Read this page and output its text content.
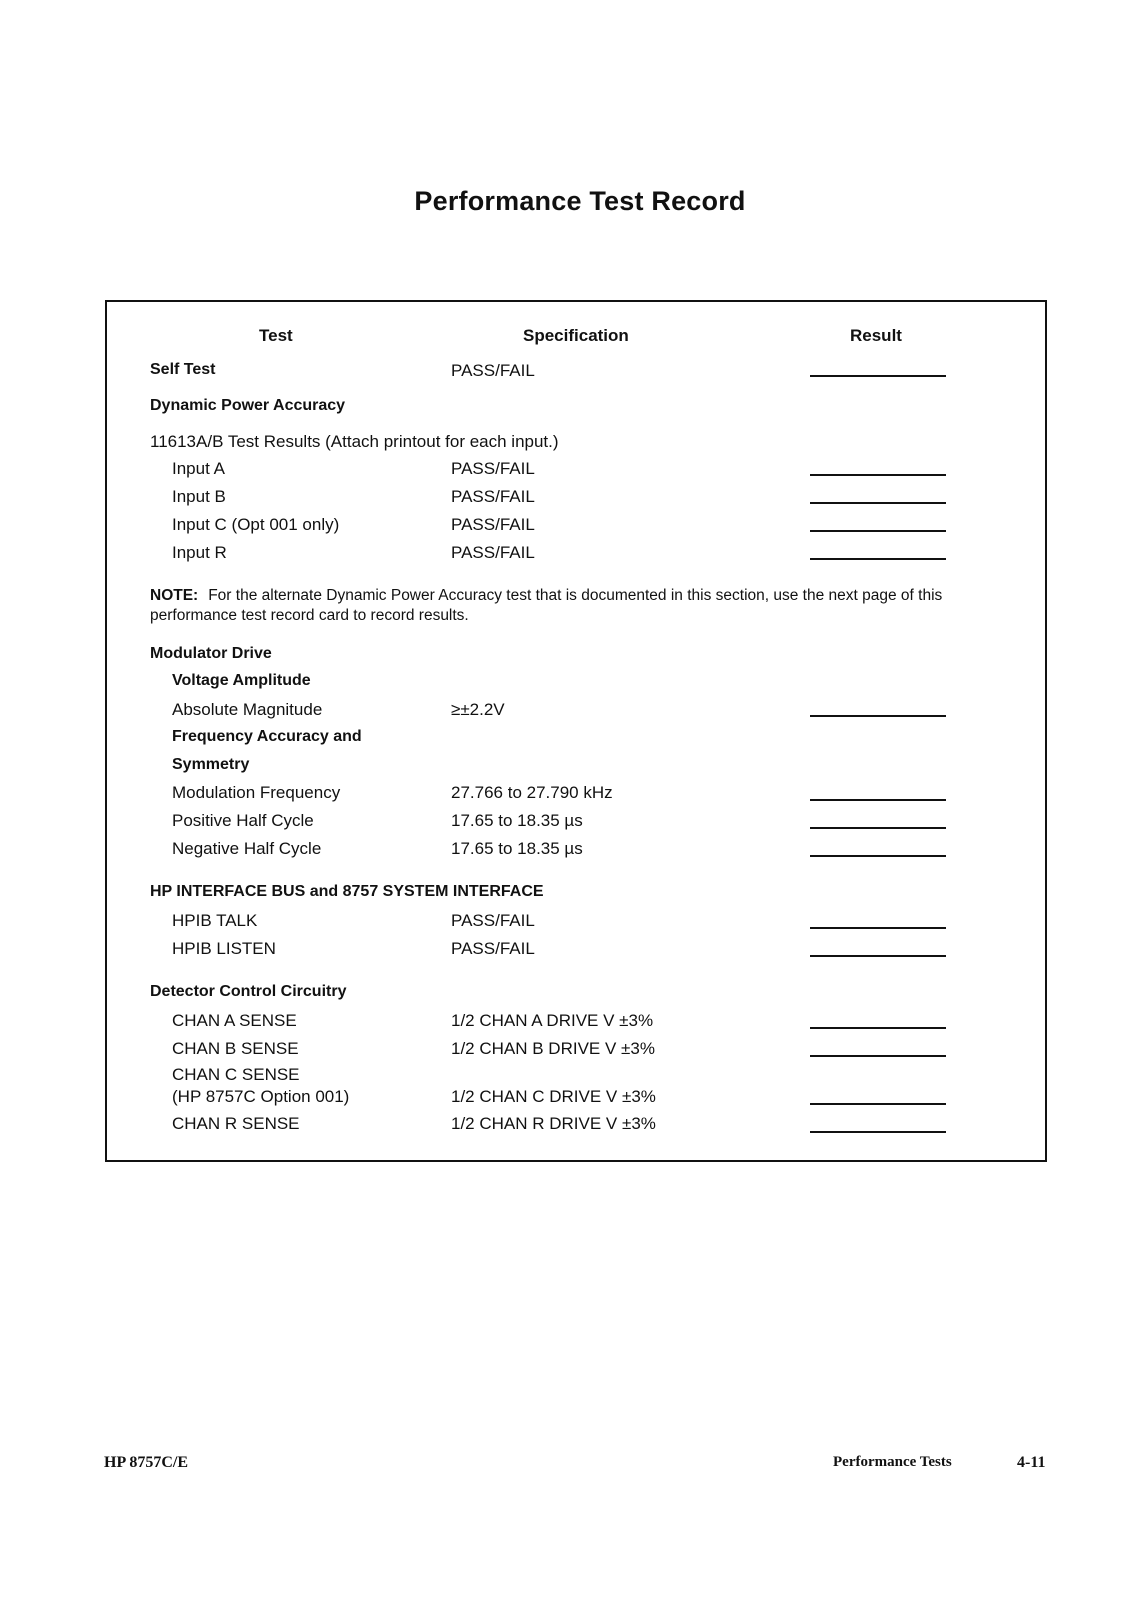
Performance Test Record
Test	Specification	Result
Self Test	PASS/FAIL
Dynamic Power Accuracy
11613A/B Test Results (Attach printout for each input.)
Input A	PASS/FAIL
Input B	PASS/FAIL
Input C (Opt 001 only)	PASS/FAIL
Input R	PASS/FAIL
NOTE: For the alternate Dynamic Power Accuracy test that is documented in this section, use the next page of this performance test record card to record results.
Modulator Drive
Voltage Amplitude
Absolute Magnitude	≥±2.2V
Frequency Accuracy and
Symmetry
Modulation Frequency	27.766 to 27.790 kHz
Positive Half Cycle	17.65 to 18.35 µs
Negative Half Cycle	17.65 to 18.35 µs
HP INTERFACE BUS and 8757 SYSTEM INTERFACE
HPIB TALK	PASS/FAIL
HPIB LISTEN	PASS/FAIL
Detector Control Circuitry
CHAN A SENSE	1/2 CHAN A DRIVE V ±3%
CHAN B SENSE	1/2 CHAN B DRIVE V ±3%
CHAN C SENSE
(HP 8757C Option 001)	1/2 CHAN C DRIVE V ±3%
CHAN R SENSE	1/2 CHAN R DRIVE V ±3%
HP 8757C/E	Performance Tests	4-11
